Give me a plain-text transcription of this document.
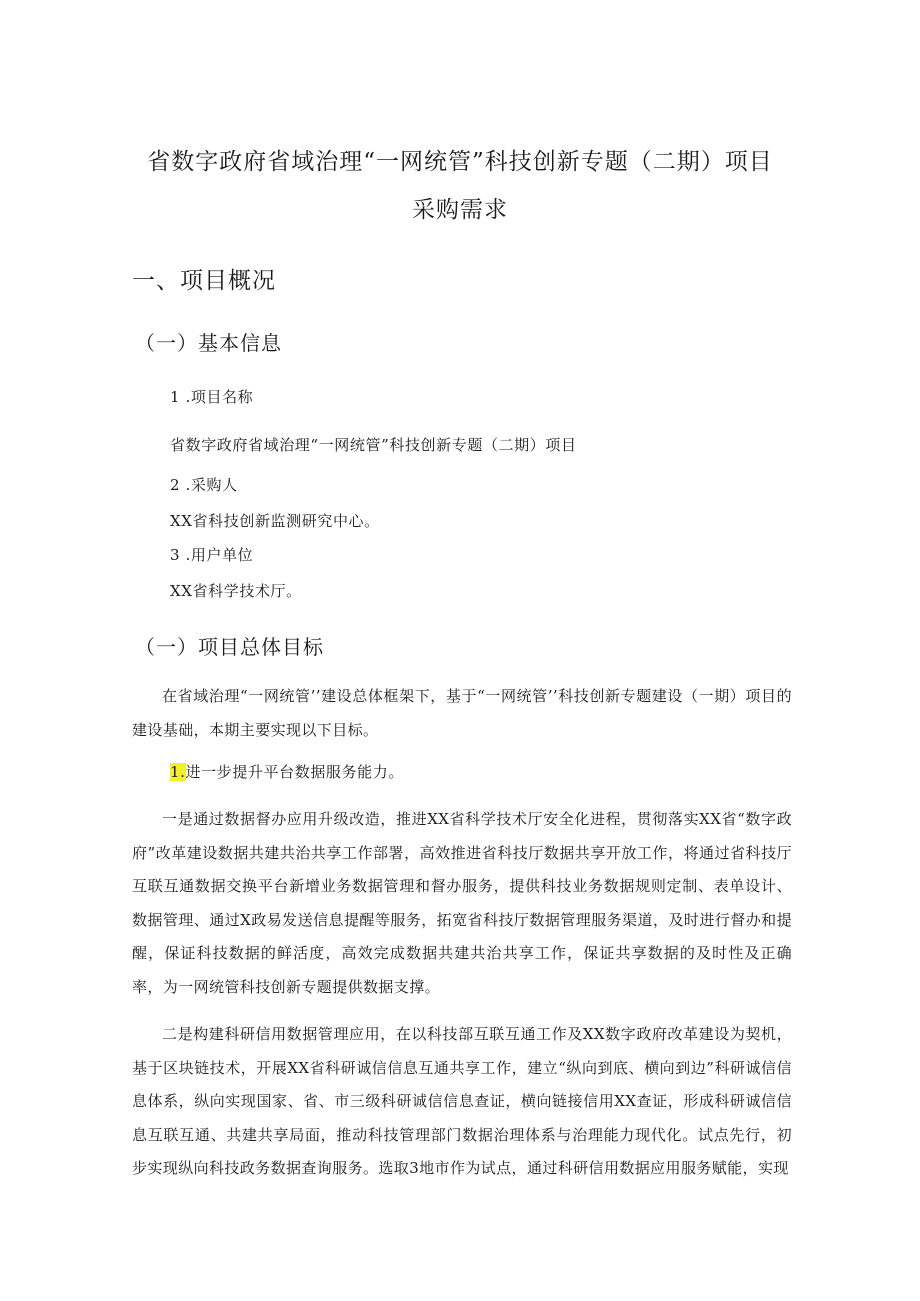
省数字政府省域治理“一网统管”科技创新专题（二期）项目
采购需求
一、项目概况
（一）基本信息
1 .项目名称
省数字政府省域治理“一网统管”科技创新专题（二期）项目
2 .采购人
XX省科技创新监测研究中心。
3 .用户单位
XX省科学技术厅。
（一）项目总体目标
在省域治理“一网统管’’建设总体框架下，基于“一网统管’’科技创新专题建设（一期）项目的建设基础，本期主要实现以下目标。
1.进一步提升平台数据服务能力。
一是通过数据督办应用升级改造，推进XX省科学技术厅安全化进程，贯彻落实XX省“数字政府”改革建设数据共建共治共享工作部署，高效推进省科技厅数据共享开放工作，将通过省科技厅互联互通数据交换平台新增业务数据管理和督办服务，提供科技业务数据规则定制、表单设计、数据管理、通过X政易发送信息提醒等服务，拓宽省科技厅数据管理服务渠道，及时进行督办和提醒，保证科技数据的鲜活度，高效完成数据共建共治共享工作，保证共享数据的及时性及正确率，为一网统管科技创新专题提供数据支撑。
二是构建科研信用数据管理应用，在以科技部互联互通工作及XX数字政府改革建设为契机，基于区块链技术，开展XX省科研诚信信息互通共享工作，建立“纵向到底、横向到边”科研诚信信息体系，纵向实现国家、省、市三级科研诚信信息查证，横向链接信用XX查证，形成科研诚信信息互联互通、共建共享局面，推动科技管理部门数据治理体系与治理能力现代化。试点先行，初步实现纵向科技政务数据查询服务。选取3地市作为试点，通过科研信用数据应用服务赋能，实现
